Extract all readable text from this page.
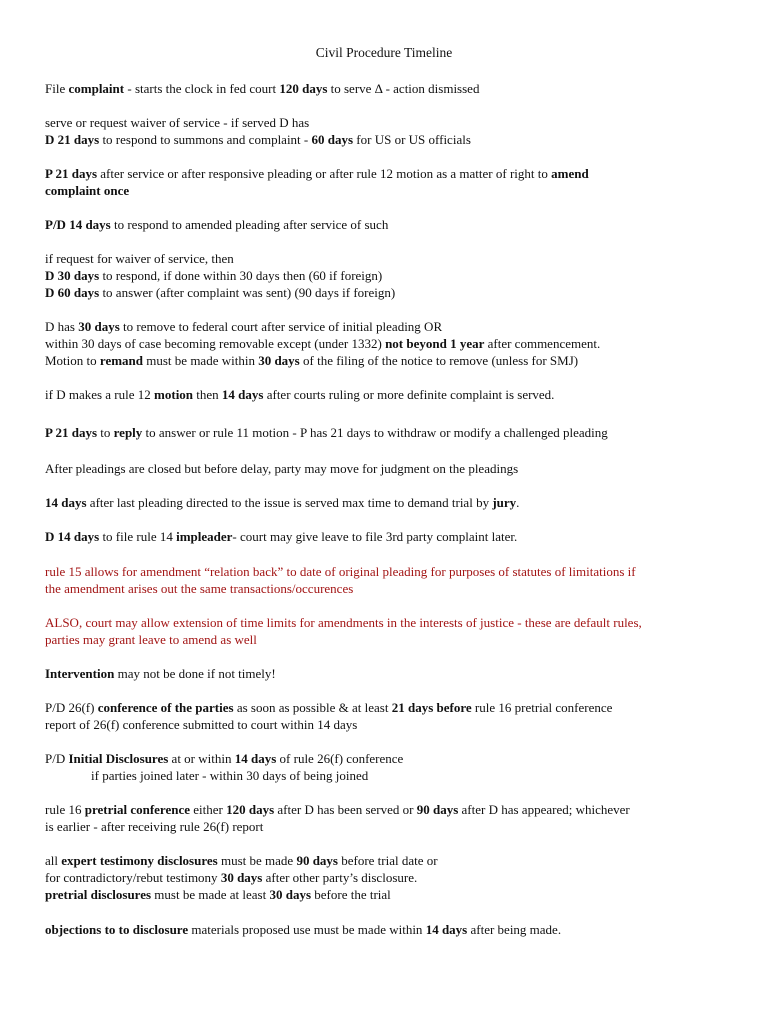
Civil Procedure Timeline
File complaint - starts the clock in fed court 120 days to serve Δ - action dismissed
serve or request waiver of service - if served D has
D 21 days to respond to summons and complaint - 60 days for US or US officials
P 21 days after service or after responsive pleading or after rule 12 motion as a matter of right to amend
complaint once
P/D 14 days to respond to amended pleading after service of such
if request for waiver of service, then
D 30 days to respond, if done within 30 days then (60 if foreign)
D 60 days to answer (after complaint was sent) (90 days if foreign)
D has 30 days to remove to federal court after service of initial pleading OR
within 30 days of case becoming removable except (under 1332) not beyond 1 year after commencement.
Motion to remand must be made within 30 days of the filing of the notice to remove (unless for SMJ)
if D makes a rule 12 motion then 14 days after courts ruling or more definite complaint is served.
P 21 days to reply to answer or rule 11 motion - P has 21 days to withdraw or modify a challenged pleading
After pleadings are closed but before delay, party may move for judgment on the pleadings
14 days after last pleading directed to the issue is served max time to demand trial by jury.
D 14 days to file rule 14 impleader- court may give leave to file 3rd party complaint later.
rule 15 allows for amendment “relation back” to date of original pleading for purposes of statutes of limitations if
the amendment arises out the same transactions/occurences
ALSO, court may allow extension of time limits for amendments in the interests of justice - these are default rules,
parties may grant leave to amend as well
Intervention may not be done if not timely!
P/D 26(f) conference of the parties as soon as possible & at least 21 days before rule 16 pretrial conference
report of 26(f) conference submitted to court within 14 days
P/D Initial Disclosures at or within 14 days of rule 26(f) conference
if parties joined later - within 30 days of being joined
rule 16 pretrial conference either 120 days after D has been served or 90 days after D has appeared; whichever
is earlier - after receiving rule 26(f) report
all expert testimony disclosures must be made 90 days before trial date or
for contradictory/rebut testimony 30 days after other party’s disclosure.
pretrial disclosures must be made at least 30 days before the trial
objections to to disclosure materials proposed use must be made within 14 days after being made.
